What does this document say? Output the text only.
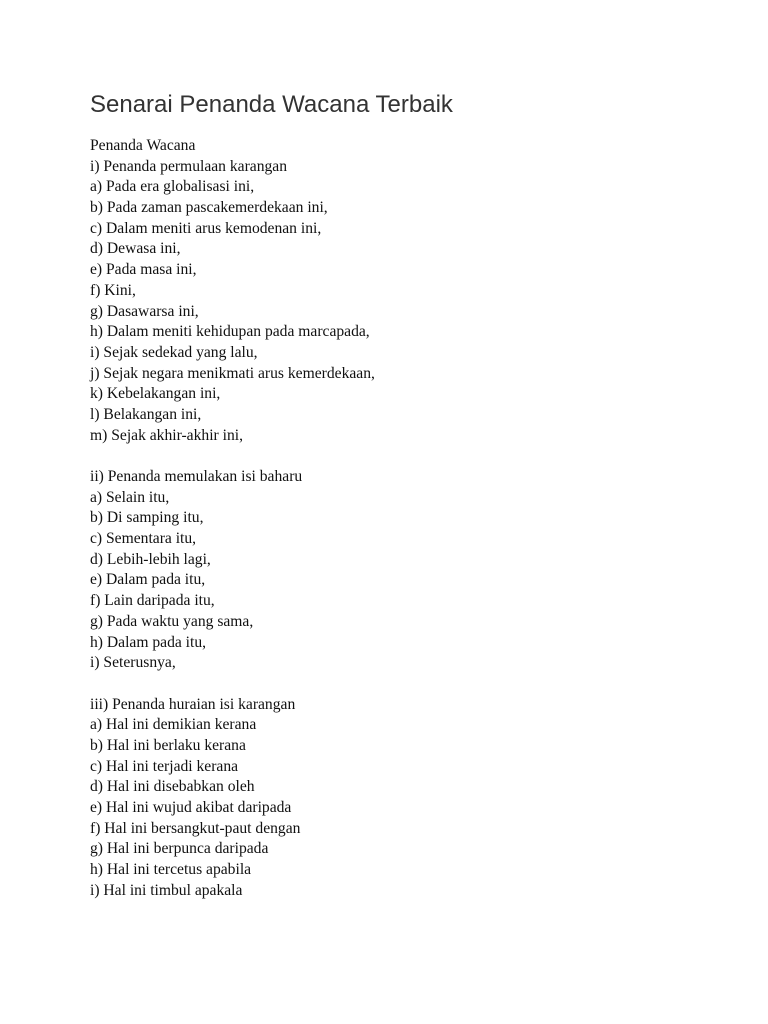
Senarai Penanda Wacana Terbaik
Penanda Wacana
i) Penanda permulaan karangan
a) Pada era globalisasi ini,
b) Pada zaman pascakemerdekaan ini,
c) Dalam meniti arus kemodenan ini,
d) Dewasa ini,
e) Pada masa ini,
f) Kini,
g) Dasawarsa ini,
h) Dalam meniti kehidupan pada marcapada,
i) Sejak sedekad yang lalu,
j) Sejak negara menikmati arus kemerdekaan,
k) Kebelakangan ini,
l) Belakangan ini,
m) Sejak akhir-akhir ini,
ii) Penanda memulakan isi baharu
a) Selain itu,
b) Di samping itu,
c) Sementara itu,
d) Lebih-lebih lagi,
e) Dalam pada itu,
f) Lain daripada itu,
g) Pada waktu yang sama,
h) Dalam pada itu,
i) Seterusnya,
iii) Penanda huraian isi karangan
a) Hal ini demikian kerana
b) Hal ini berlaku kerana
c) Hal ini terjadi kerana
d) Hal ini disebabkan oleh
e) Hal ini wujud akibat daripada
f) Hal ini bersangkut-paut dengan
g) Hal ini berpunca daripada
h) Hal ini tercetus apabila
i) Hal ini timbul apakala
